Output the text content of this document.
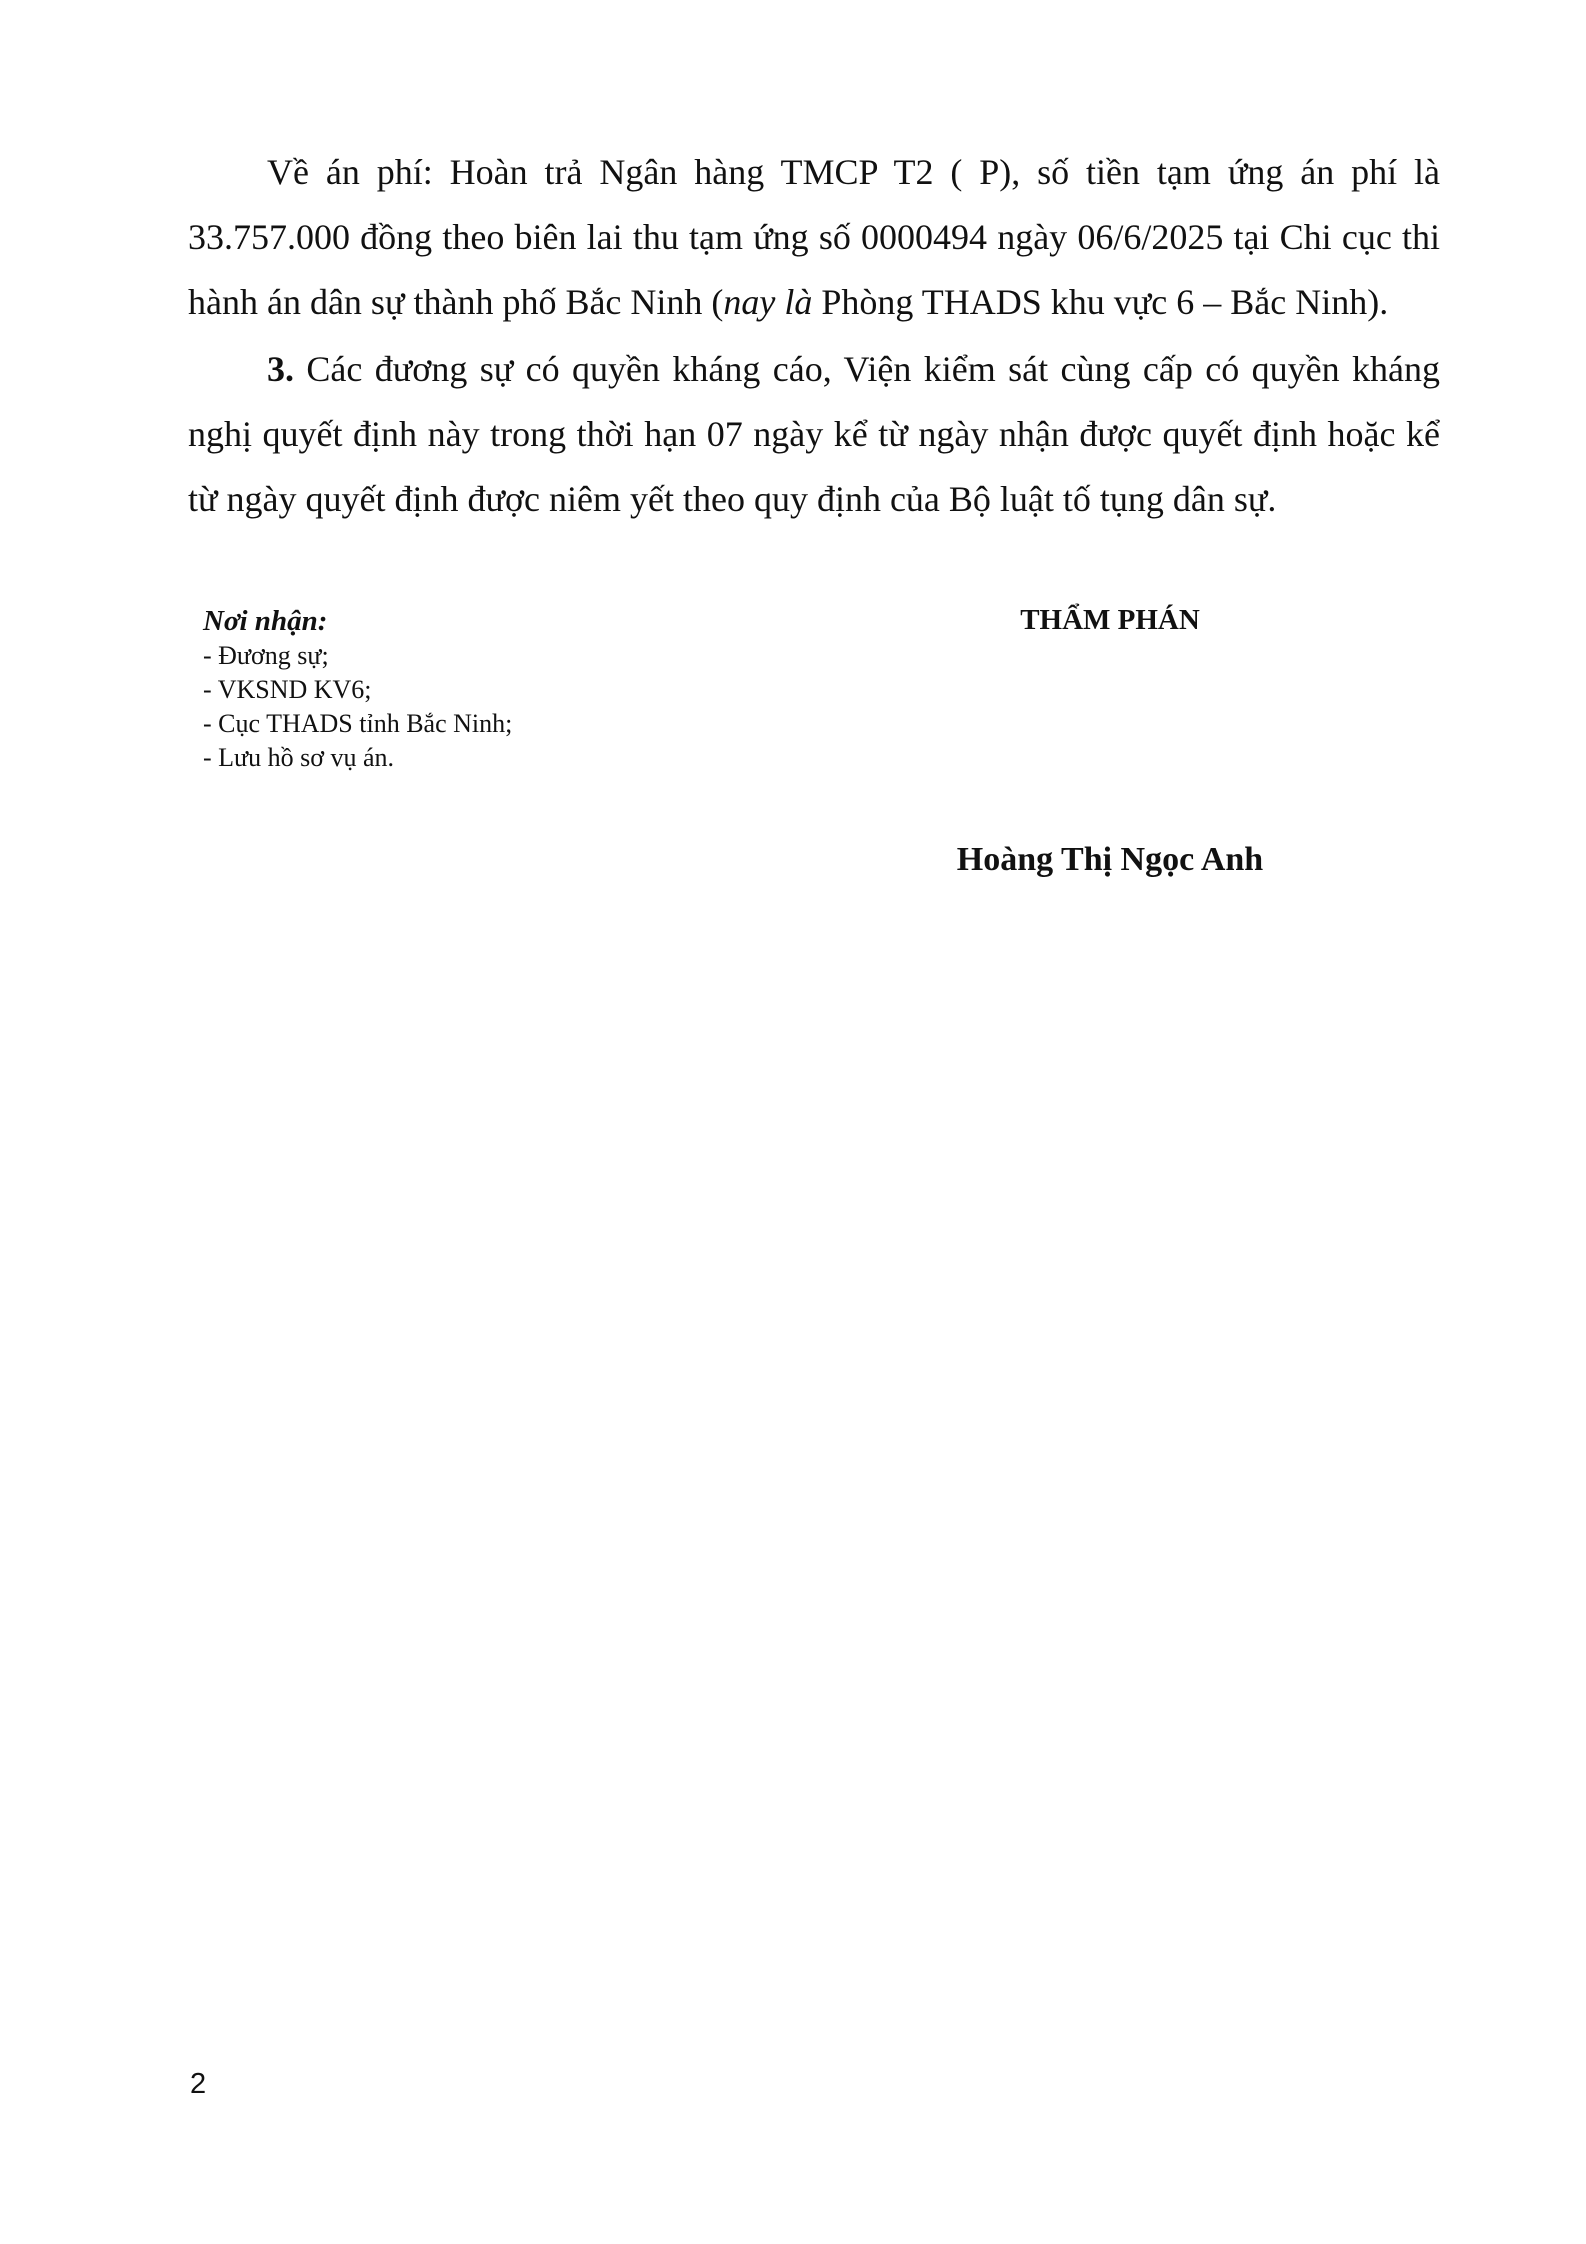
Về án phí: Hoàn trả Ngân hàng TMCP T2 ( P), số tiền tạm ứng án phí là 33.757.000 đồng theo biên lai thu tạm ứng số 0000494 ngày 06/6/2025 tại Chi cục thi hành án dân sự thành phố Bắc Ninh (nay là Phòng THADS khu vực 6 – Bắc Ninh).

3. Các đương sự có quyền kháng cáo, Viện kiểm sát cùng cấp có quyền kháng nghị quyết định này trong thời hạn 07 ngày kể từ ngày nhận được quyết định hoặc kể từ ngày quyết định được niêm yết theo quy định của Bộ luật tố tụng dân sự.

Nơi nhận:
- Đương sự;
- VKSND KV6;
- Cục THADS tỉnh Bắc Ninh;
- Lưu hồ sơ vụ án.
THẨM PHÁN
Hoàng Thị Ngọc Anh
2
